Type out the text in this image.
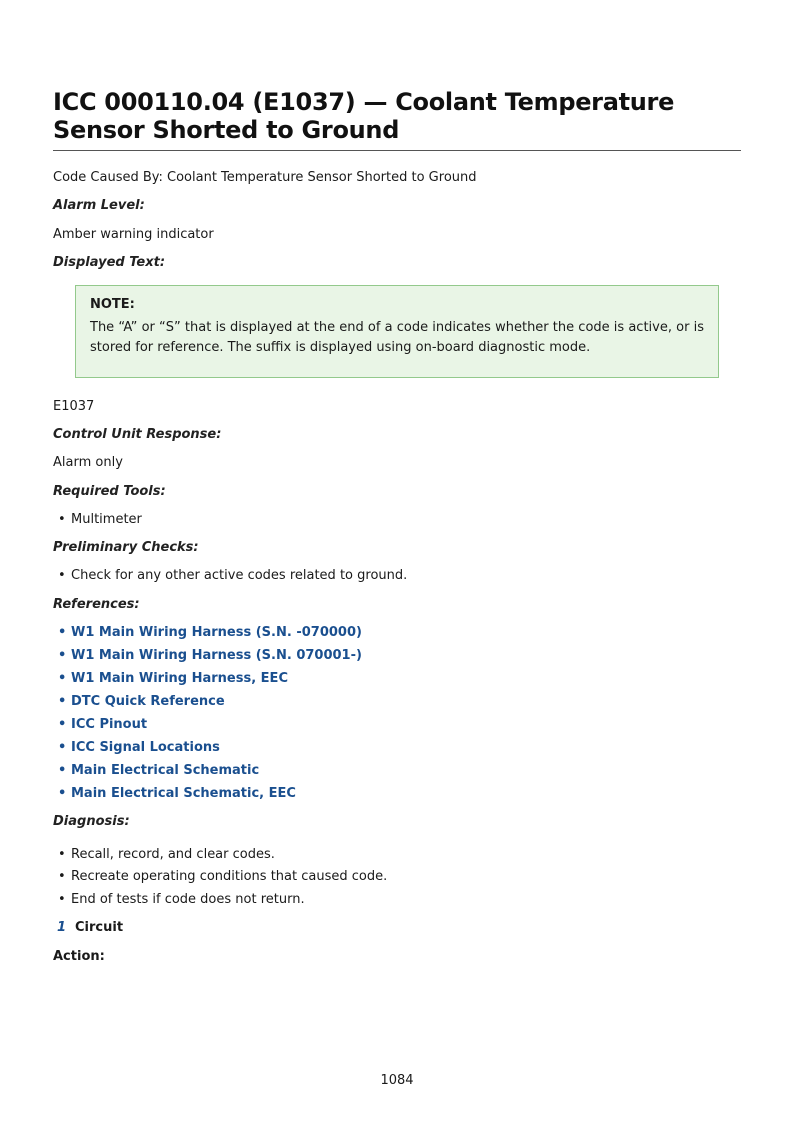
ICC 000110.04 (E1037) — Coolant Temperature Sensor Shorted to Ground
Code Caused By: Coolant Temperature Sensor Shorted to Ground
Alarm Level:
Amber warning indicator
Displayed Text:
NOTE:
The “A” or “S” that is displayed at the end of a code indicates whether the code is active, or is stored for reference. The suffix is displayed using on-board diagnostic mode.
E1037
Control Unit Response:
Alarm only
Required Tools:
• Multimeter
Preliminary Checks:
• Check for any other active codes related to ground.
References:
• W1 Main Wiring Harness (S.N. -070000)
• W1 Main Wiring Harness (S.N. 070001-)
• W1 Main Wiring Harness, EEC
• DTC Quick Reference
• ICC Pinout
• ICC Signal Locations
• Main Electrical Schematic
• Main Electrical Schematic, EEC
Diagnosis:
• Recall, record, and clear codes.
• Recreate operating conditions that caused code.
• End of tests if code does not return.
1 Circuit
Action:
1084
